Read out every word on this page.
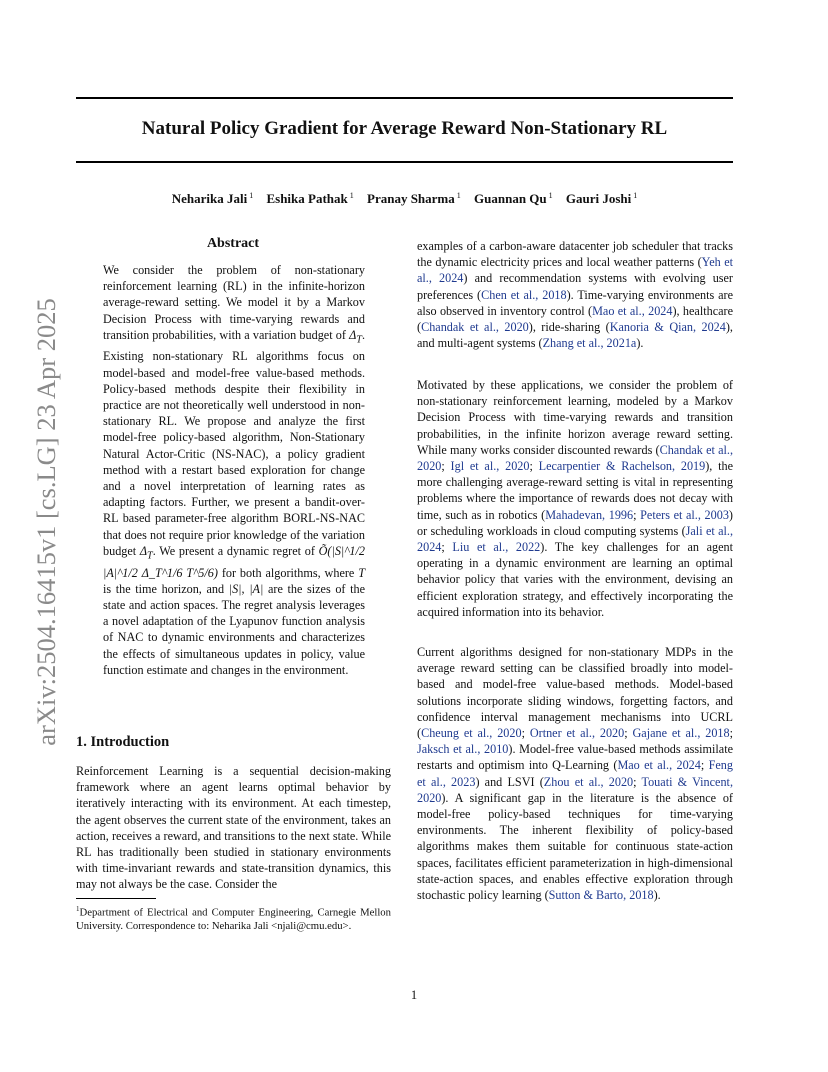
Natural Policy Gradient for Average Reward Non-Stationary RL
Neharika Jali $^1$ Eshika Pathak $^1$ Pranay Sharma $^1$ Guannan Qu $^1$ Gauri Joshi $^1$
arXiv:2504.16415v1 [cs.LG] 23 Apr 2025
Abstract

We consider the problem of non-stationary reinforcement learning (RL) in the infinite-horizon average-reward setting. We model it by a Markov Decision Process with time-varying rewards and transition probabilities, with a variation budget of $\Delta_T$. Existing non-stationary RL algorithms focus on model-based and model-free value-based methods. Policy-based methods despite their flexibility in practice are not theoretically well understood in non-stationary RL. We propose and analyze the first model-free policy-based algorithm, Non-Stationary Natural Actor-Critic (NS-NAC), a policy gradient method with a restart based exploration for change and a novel interpretation of learning rates as adapting factors. Further, we present a bandit-over-RL based parameter-free algorithm BORL-NS-NAC that does not require prior knowledge of the variation budget $\Delta_T$. We present a dynamic regret of Õ(|S|^1/2 |A|^1/2 Δ_T^1/6 T^5/6) for both algorithms, where T is the time horizon, and |S|, |A| are the sizes of the state and action spaces. The regret analysis leverages a novel adaptation of the Lyapunov function analysis of NAC to dynamic environments and characterizes the effects of simultaneous updates in policy, value function estimate and changes in the environment.

1. Introduction

Reinforcement Learning is a sequential decision-making framework where an agent learns optimal behavior by iteratively interacting with its environment. At each timestep, the agent observes the current state of the environment, takes an action, receives a reward, and transitions to the next state. While RL has traditionally been studied in stationary environments with time-invariant rewards and state-transition dynamics, this may not always be the case. Consider the

$^1$Department of Electrical and Computer Engineering, Carnegie Mellon University. Correspondence to: Neharika Jali <njali@cmu.edu>.

examples of a carbon-aware datacenter job scheduler that tracks the dynamic electricity prices and local weather patterns (Yeh et al., 2024) and recommendation systems with evolving user preferences (Chen et al., 2018). Time-varying environments are also observed in inventory control (Mao et al., 2024), healthcare (Chandak et al., 2020), ride-sharing (Kanoria & Qian, 2024), and multi-agent systems (Zhang et al., 2021a).

Motivated by these applications, we consider the problem of non-stationary reinforcement learning, modeled by a Markov Decision Process with time-varying rewards and transition probabilities, in the infinite horizon average reward setting. While many works consider discounted rewards (Chandak et al., 2020; Igl et al., 2020; Lecarpentier & Rachelson, 2019), the more challenging average-reward setting is vital in representing problems where the importance of rewards does not decay with time, such as in robotics (Mahadevan, 1996; Peters et al., 2003) or scheduling workloads in cloud computing systems (Jali et al., 2024; Liu et al., 2022). The key challenges for an agent operating in a dynamic environment are learning an optimal behavior policy that varies with the environment, devising an efficient exploration strategy, and effectively incorporating the acquired information into its behavior.

Current algorithms designed for non-stationary MDPs in the average reward setting can be classified broadly into model-based and model-free value-based methods. Model-based solutions incorporate sliding windows, forgetting factors, and confidence interval management mechanisms into UCRL (Cheung et al., 2020; Ortner et al., 2020; Gajane et al., 2018; Jaksch et al., 2010). Model-free value-based methods assimilate restarts and optimism into Q-Learning (Mao et al., 2024; Feng et al., 2023) and LSVI (Zhou et al., 2020; Touati & Vincent, 2020). A significant gap in the literature is the absence of model-free policy-based techniques for time-varying environments. The inherent flexibility of policy-based algorithms makes them suitable for continuous state-action spaces, facilitates efficient parameterization in high-dimensional state-action spaces, and enables effective exploration through stochastic policy learning (Sutton & Barto, 2018).

1
